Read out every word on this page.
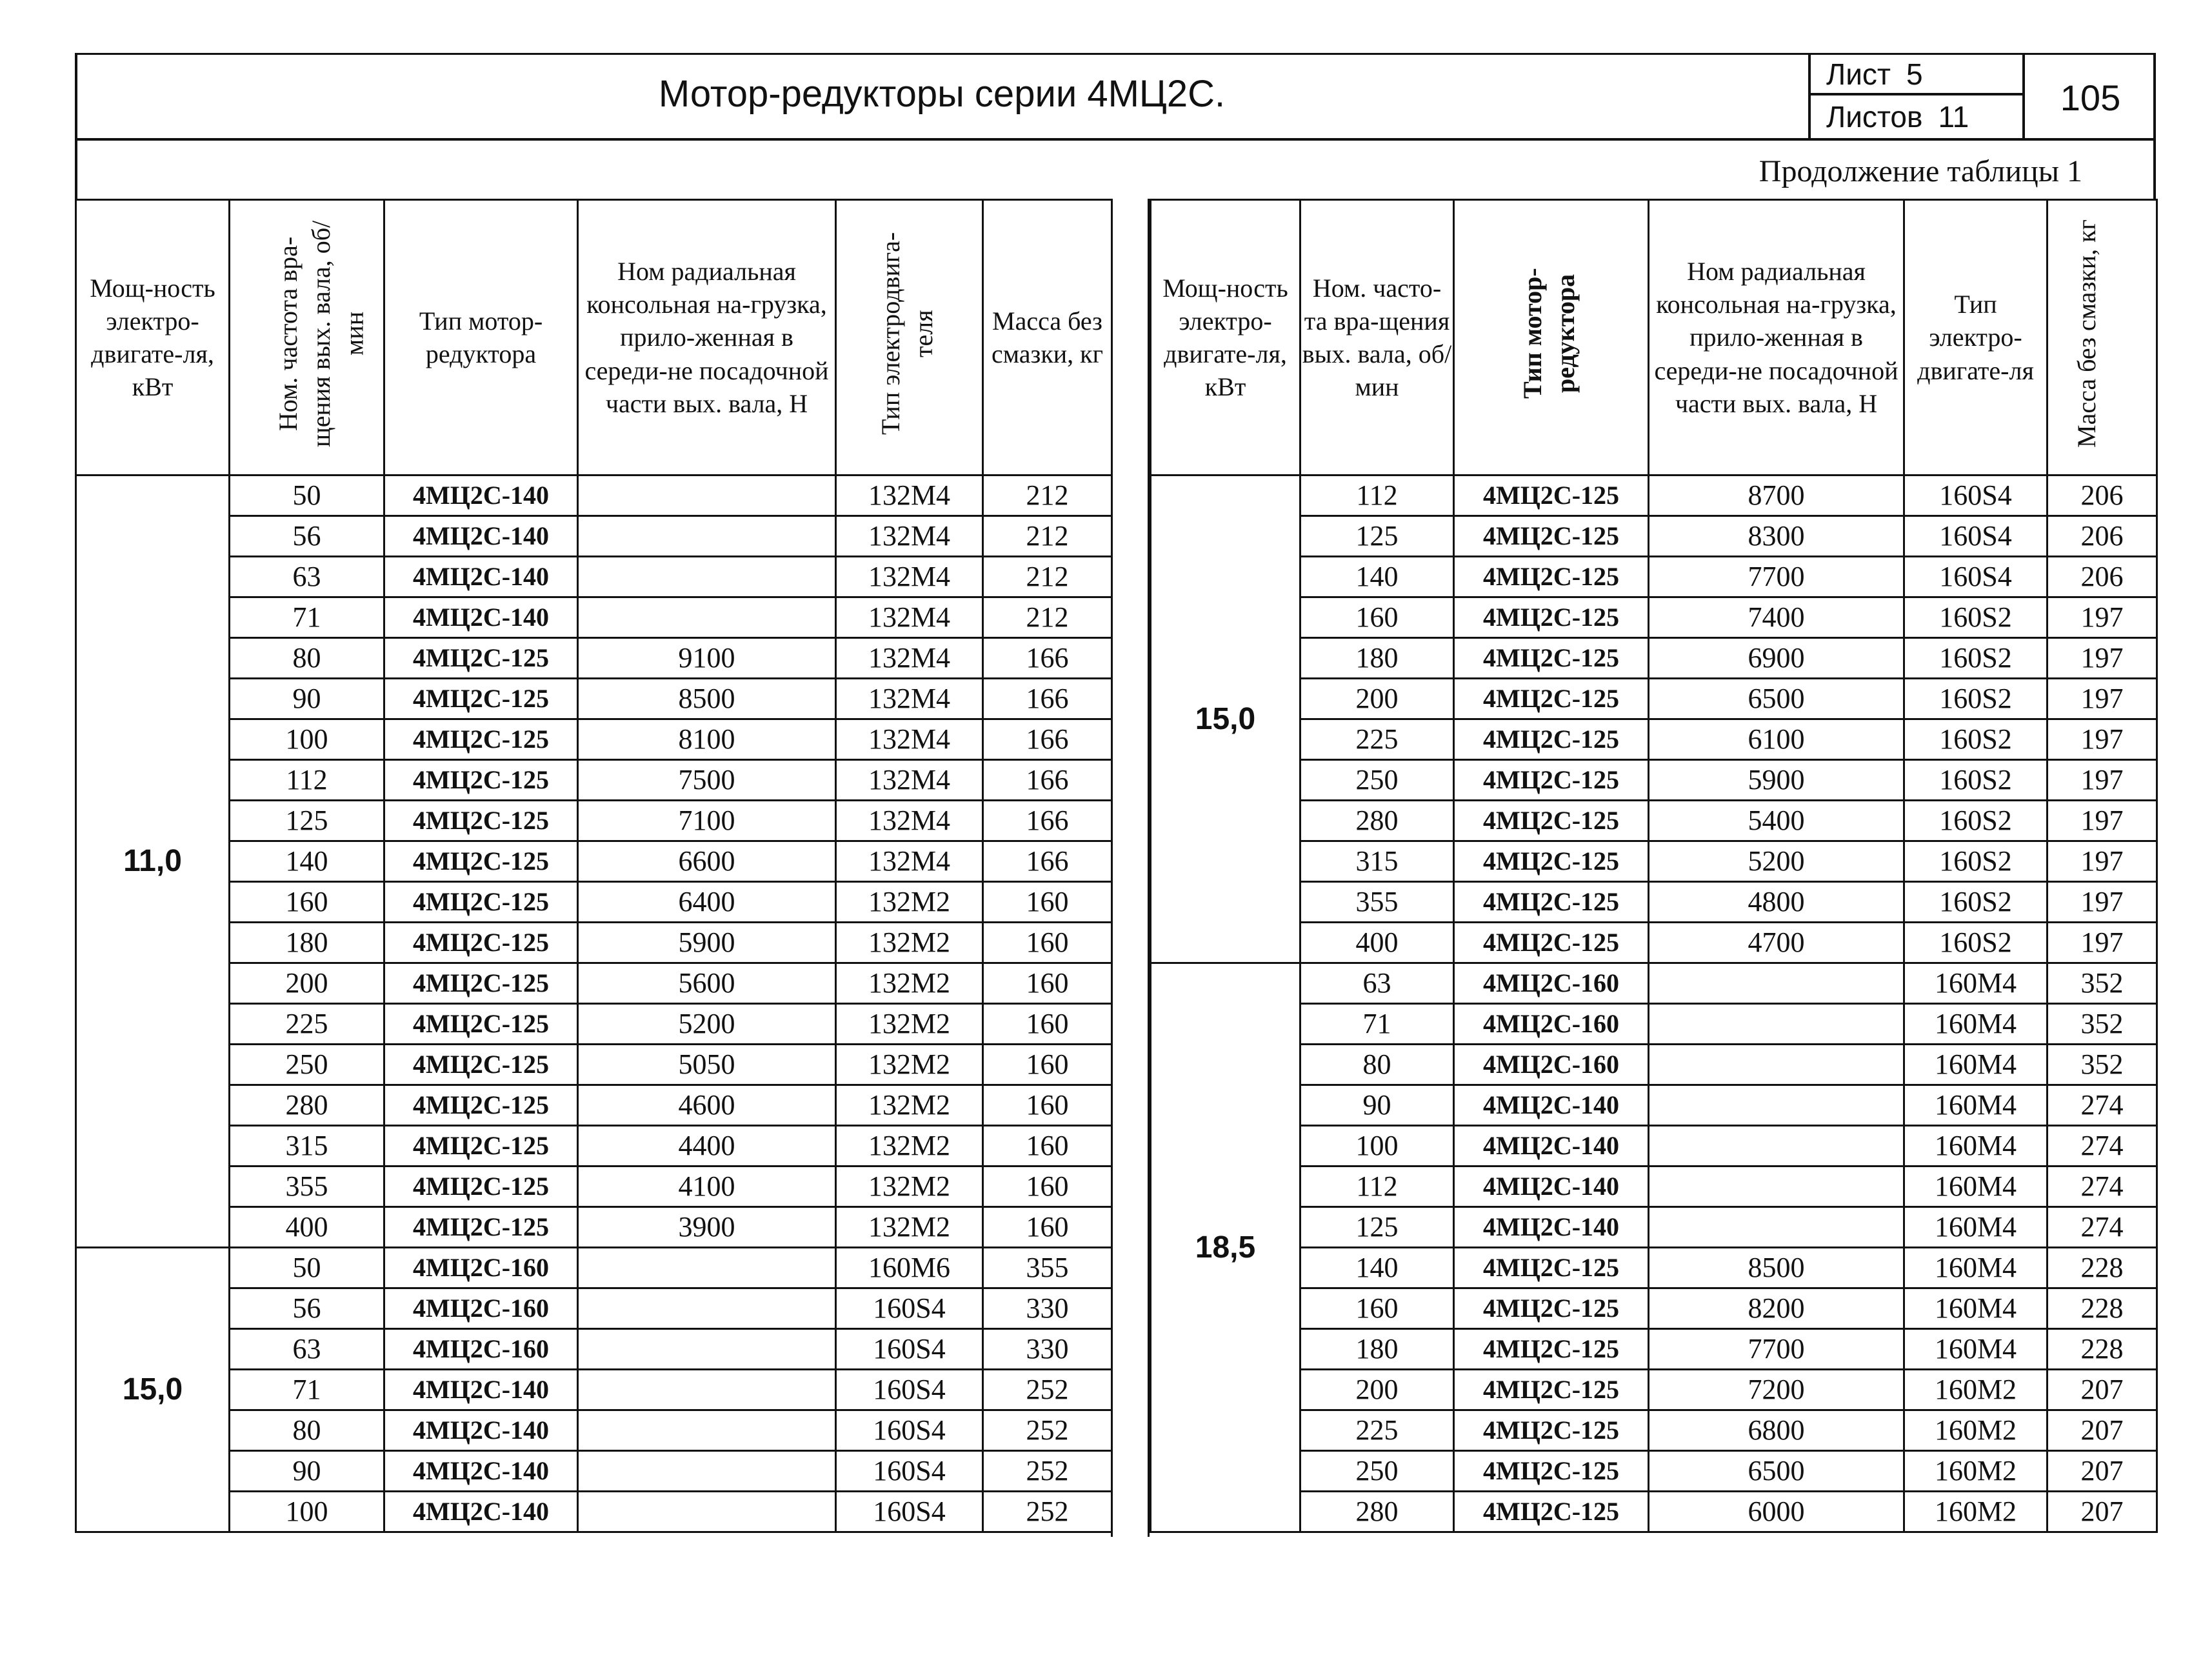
Мотор-редукторы серии 4МЦ2С.	Лист 5
Листов 11	105
Продолжение таблицы 1
Мощ-ность электро-двигате-ля, кВт	Ном. частота вра-щения вых. вала, об/мин	Тип мотор-редуктора	Ном радиальная консольная на-грузка, прило-женная в середи-не посадочной части вых. вала, Н	Тип электродвига-теля	Масса без смазки, кг
11,0	50	4МЦ2С-140		132М4	212
	56	4МЦ2С-140		132М4	212
	63	4МЦ2С-140		132М4	212
	71	4МЦ2С-140		132М4	212
	80	4МЦ2С-125	9100	132М4	166
	90	4МЦ2С-125	8500	132М4	166
	100	4МЦ2С-125	8100	132М4	166
	112	4МЦ2С-125	7500	132М4	166
	125	4МЦ2С-125	7100	132М4	166
	140	4МЦ2С-125	6600	132М4	166
	160	4МЦ2С-125	6400	132М2	160
	180	4МЦ2С-125	5900	132М2	160
	200	4МЦ2С-125	5600	132М2	160
	225	4МЦ2С-125	5200	132М2	160
	250	4МЦ2С-125	5050	132М2	160
	280	4МЦ2С-125	4600	132М2	160
	315	4МЦ2С-125	4400	132М2	160
	355	4МЦ2С-125	4100	132М2	160
	400	4МЦ2С-125	3900	132М2	160
15,0	50	4МЦ2С-160		160М6	355
	56	4МЦ2С-160		160S4	330
	63	4МЦ2С-160		160S4	330
	71	4МЦ2С-140		160S4	252
	80	4МЦ2С-140		160S4	252
	90	4МЦ2С-140		160S4	252
	100	4МЦ2С-140		160S4	252
Мощ-ность электро-двигате-ля, кВт	Ном. часто-та вра-щения вых. вала, об/мин	Тип мотор-редуктора	Ном радиальная консольная на-грузка, прило-женная в середи-не посадочной части вых. вала, Н	Тип электро-двигате-ля	Масса без смазки, кг
15,0	112	4МЦ2С-125	8700	160S4	206
	125	4МЦ2С-125	8300	160S4	206
	140	4МЦ2С-125	7700	160S4	206
	160	4МЦ2С-125	7400	160S2	197
	180	4МЦ2С-125	6900	160S2	197
	200	4МЦ2С-125	6500	160S2	197
	225	4МЦ2С-125	6100	160S2	197
	250	4МЦ2С-125	5900	160S2	197
	280	4МЦ2С-125	5400	160S2	197
	315	4МЦ2С-125	5200	160S2	197
	355	4МЦ2С-125	4800	160S2	197
	400	4МЦ2С-125	4700	160S2	197
18,5	63	4МЦ2С-160		160М4	352
	71	4МЦ2С-160		160М4	352
	80	4МЦ2С-160		160М4	352
	90	4МЦ2С-140		160М4	274
	100	4МЦ2С-140		160М4	274
	112	4МЦ2С-140		160М4	274
	125	4МЦ2С-140		160М4	274
	140	4МЦ2С-125	8500	160М4	228
	160	4МЦ2С-125	8200	160М4	228
	180	4МЦ2С-125	7700	160М4	228
	200	4МЦ2С-125	7200	160М2	207
	225	4МЦ2С-125	6800	160М2	207
	250	4МЦ2С-125	6500	160М2	207
	280	4МЦ2С-125	6000	160М2	207
